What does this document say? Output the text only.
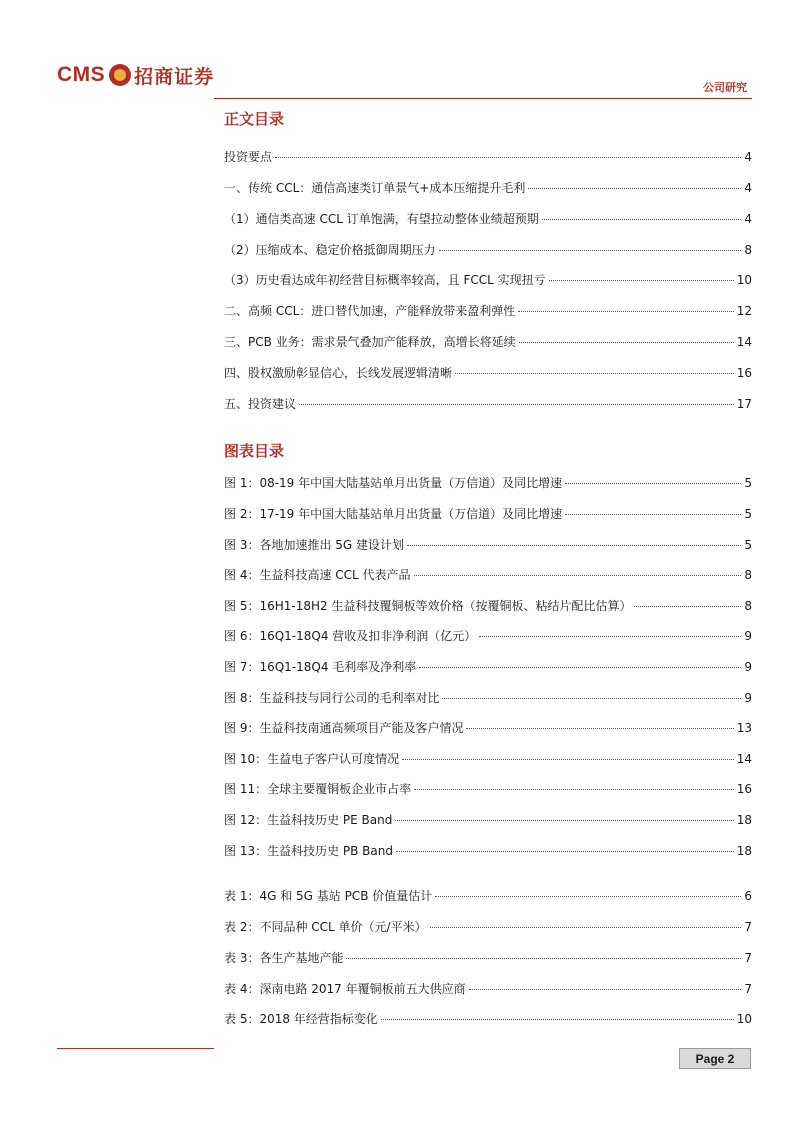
CMS 招商证券	公司研究
正文目录
投资要点	4
一、传统 CCL：通信高速类订单景气+成本压缩提升毛利	4
（1）通信类高速 CCL 订单饱满，有望拉动整体业绩超预期	4
（2）压缩成本、稳定价格抵御周期压力	8
（3）历史看达成年初经营目标概率较高，且 FCCL 实现扭亏	10
二、高频 CCL：进口替代加速，产能释放带来盈利弹性	12
三、PCB 业务：需求景气叠加产能释放，高增长将延续	14
四、股权激励彰显信心，长线发展逻辑清晰	16
五、投资建议	17
图表目录
图 1：08-19 年中国大陆基站单月出货量（万信道）及同比增速	5
图 2：17-19 年中国大陆基站单月出货量（万信道）及同比增速	5
图 3：各地加速推出 5G 建设计划	5
图 4：生益科技高速 CCL 代表产品	8
图 5：16H1-18H2 生益科技覆铜板等效价格（按覆铜板、粘结片配比估算）	8
图 6：16Q1-18Q4 营收及扣非净利润（亿元）	9
图 7：16Q1-18Q4 毛利率及净利率	9
图 8：生益科技与同行公司的毛利率对比	9
图 9：生益科技南通高频项目产能及客户情况	13
图 10：生益电子客户认可度情况	14
图 11：全球主要覆铜板企业市占率	16
图 12：生益科技历史 PE Band	18
图 13：生益科技历史 PB Band	18
表 1：4G 和 5G 基站 PCB 价值量估计	6
表 2：不同品种 CCL 单价（元/平米）	7
表 3：各生产基地产能	7
表 4：深南电路 2017 年覆铜板前五大供应商	7
表 5：2018 年经营指标变化	10
Page 2
